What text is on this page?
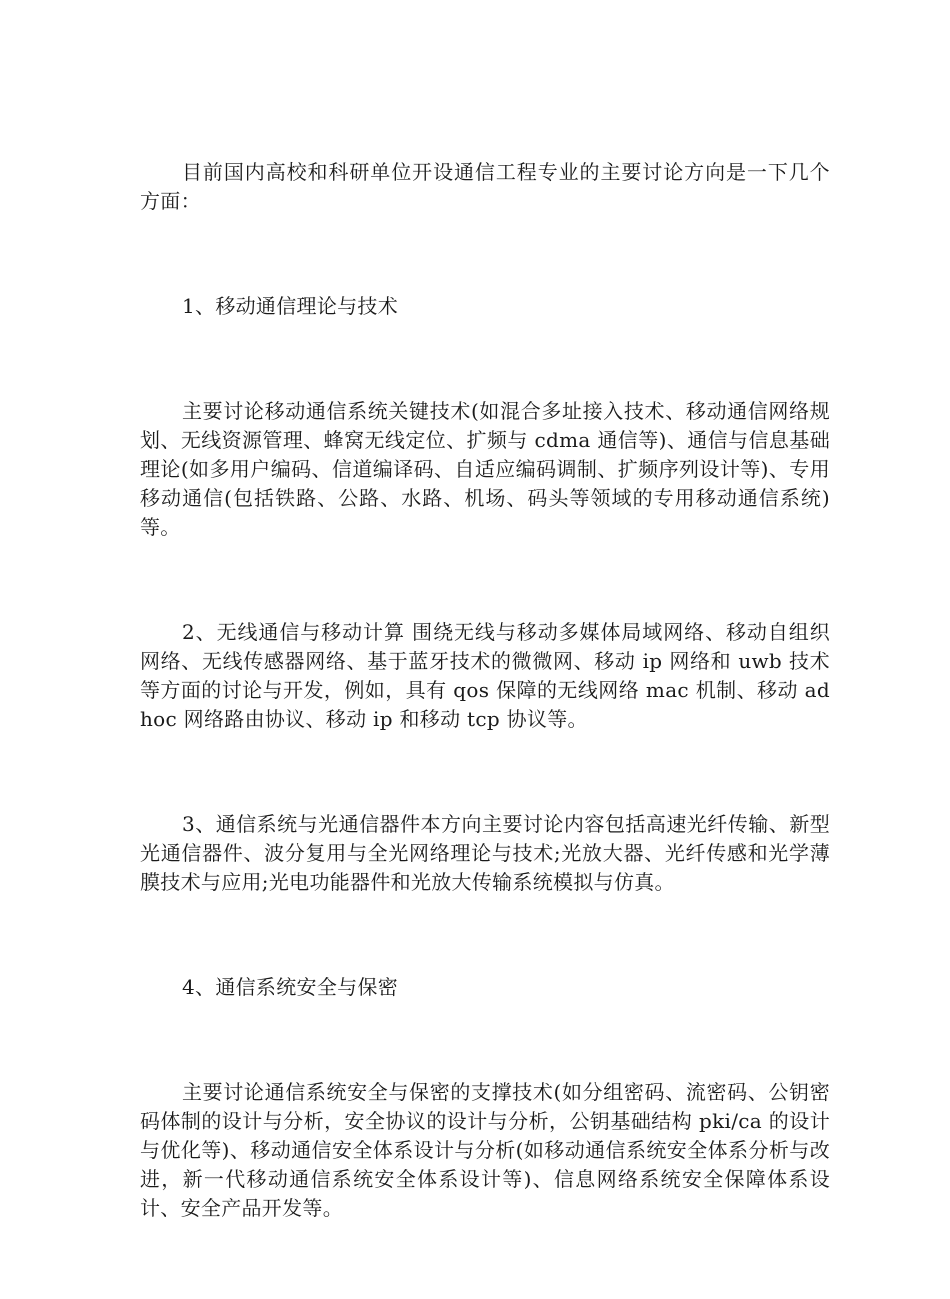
目前国内高校和科研单位开设通信工程专业的主要讨论方向是一下几个方面：

1、移动通信理论与技术

主要讨论移动通信系统关键技术(如混合多址接入技术、移动通信网络规划、无线资源管理、蜂窝无线定位、扩频与 cdma 通信等)、通信与信息基础理论(如多用户编码、信道编译码、自适应编码调制、扩频序列设计等)、专用移动通信(包括铁路、公路、水路、机场、码头等领域的专用移动通信系统)等。

2、无线通信与移动计算 围绕无线与移动多媒体局域网络、移动自组织网络、无线传感器网络、基于蓝牙技术的微微网、移动 ip 网络和 uwb 技术等方面的讨论与开发，例如，具有 qos 保障的无线网络 mac 机制、移动 ad hoc 网络路由协议、移动 ip 和移动 tcp 协议等。

3、通信系统与光通信器件本方向主要讨论内容包括高速光纤传输、新型光通信器件、波分复用与全光网络理论与技术;光放大器、光纤传感和光学薄膜技术与应用;光电功能器件和光放大传输系统模拟与仿真。

4、通信系统安全与保密

主要讨论通信系统安全与保密的支撑技术(如分组密码、流密码、公钥密码体制的设计与分析，安全协议的设计与分析，公钥基础结构 pki/ca 的设计与优化等)、移动通信安全体系设计与分析(如移动通信系统安全体系分析与改进，新一代移动通信系统安全体系设计等)、信息网络系统安全保障体系设计、安全产品开发等。
